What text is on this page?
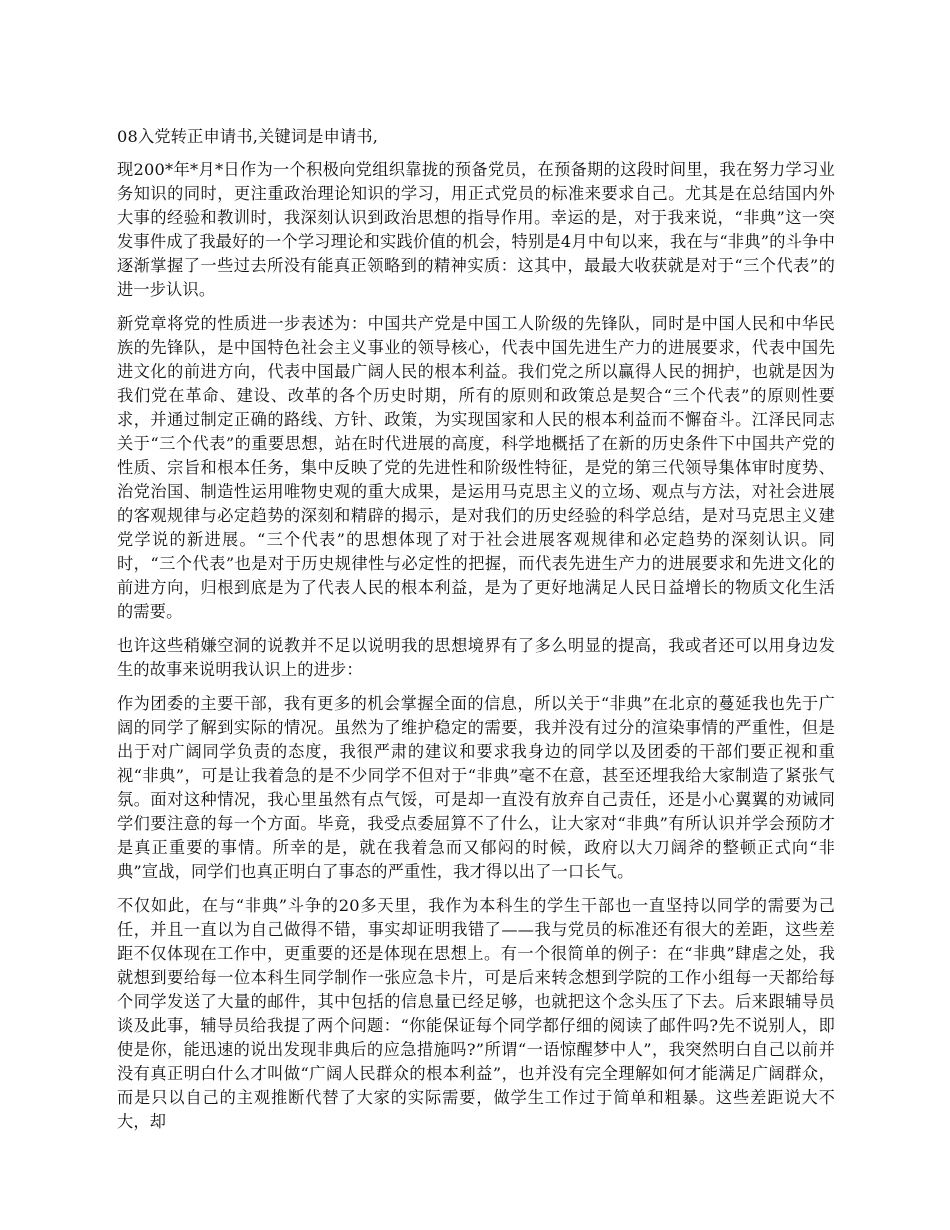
08入党转正申请书,关键词是申请书,

现200*年*月*日作为一个积极向党组织靠拢的预备党员，在预备期的这段时间里，我在努力学习业务知识的同时，更注重政治理论知识的学习，用正式党员的标准来要求自己。尤其是在总结国内外大事的经验和教训时，我深刻认识到政治思想的指导作用。幸运的是，对于我来说，“非典”这一突发事件成了我最好的一个学习理论和实践价值的机会，特别是4月中旬以来，我在与“非典”的斗争中逐渐掌握了一些过去所没有能真正领略到的精神实质：这其中，最最大收获就是对于“三个代表”的进一步认识。

新党章将党的性质进一步表述为：中国共产党是中国工人阶级的先锋队，同时是中国人民和中华民族的先锋队，是中国特色社会主义事业的领导核心，代表中国先进生产力的进展要求，代表中国先进文化的前进方向，代表中国最广阔人民的根本利益。我们党之所以赢得人民的拥护，也就是因为我们党在革命、建设、改革的各个历史时期，所有的原则和政策总是契合“三个代表”的原则性要求，并通过制定正确的路线、方针、政策，为实现国家和人民的根本利益而不懈奋斗。江泽民同志关于“三个代表”的重要思想，站在时代进展的高度，科学地概括了在新的历史条件下中国共产党的性质、宗旨和根本任务，集中反映了党的先进性和阶级性特征，是党的第三代领导集体审时度势、治党治国、制造性运用唯物史观的重大成果，是运用马克思主义的立场、观点与方法，对社会进展的客观规律与必定趋势的深刻和精辟的揭示，是对我们的历史经验的科学总结，是对马克思主义建党学说的新进展。“三个代表”的思想体现了对于社会进展客观规律和必定趋势的深刻认识。同时，“三个代表”也是对于历史规律性与必定性的把握，而代表先进生产力的进展要求和先进文化的前进方向，归根到底是为了代表人民的根本利益，是为了更好地满足人民日益增长的物质文化生活的需要。

也许这些稍嫌空洞的说教并不足以说明我的思想境界有了多么明显的提高，我或者还可以用身边发生的故事来说明我认识上的进步：

作为团委的主要干部，我有更多的机会掌握全面的信息，所以关于“非典”在北京的蔓延我也先于广阔的同学了解到实际的情况。虽然为了维护稳定的需要，我并没有过分的渲染事情的严重性，但是出于对广阔同学负责的态度，我很严肃的建议和要求我身边的同学以及团委的干部们要正视和重视“非典”，可是让我着急的是不少同学不但对于“非典”毫不在意，甚至还埋我给大家制造了紧张气氛。面对这种情况，我心里虽然有点气馁，可是却一直没有放弃自己责任，还是小心翼翼的劝诫同学们要注意的每一个方面。毕竟，我受点委屈算不了什么，让大家对“非典”有所认识并学会预防才是真正重要的事情。所幸的是，就在我着急而又郁闷的时候，政府以大刀阔斧的整顿正式向“非典”宣战，同学们也真正明白了事态的严重性，我才得以出了一口长气。

不仅如此，在与“非典”斗争的20多天里，我作为本科生的学生干部也一直坚持以同学的需要为己任，并且一直以为自己做得不错，事实却证明我错了——我与党员的标准还有很大的差距，这些差距不仅体现在工作中，更重要的还是体现在思想上。有一个很简单的例子：在“非典”肆虐之处，我就想到要给每一位本科生同学制作一张应急卡片，可是后来转念想到学院的工作小组每一天都给每个同学发送了大量的邮件，其中包括的信息量已经足够，也就把这个念头压了下去。后来跟辅导员谈及此事，辅导员给我提了两个问题：“你能保证每个同学都仔细的阅读了邮件吗?先不说别人，即使是你，能迅速的说出发现非典后的应急措施吗?”所谓“一语惊醒梦中人”，我突然明白自己以前并没有真正明白什么才叫做“广阔人民群众的根本利益”，也并没有完全理解如何才能满足广阔群众，而是只以自己的主观推断代替了大家的实际需要，做学生工作过于简单和粗暴。这些差距说大不大，却
